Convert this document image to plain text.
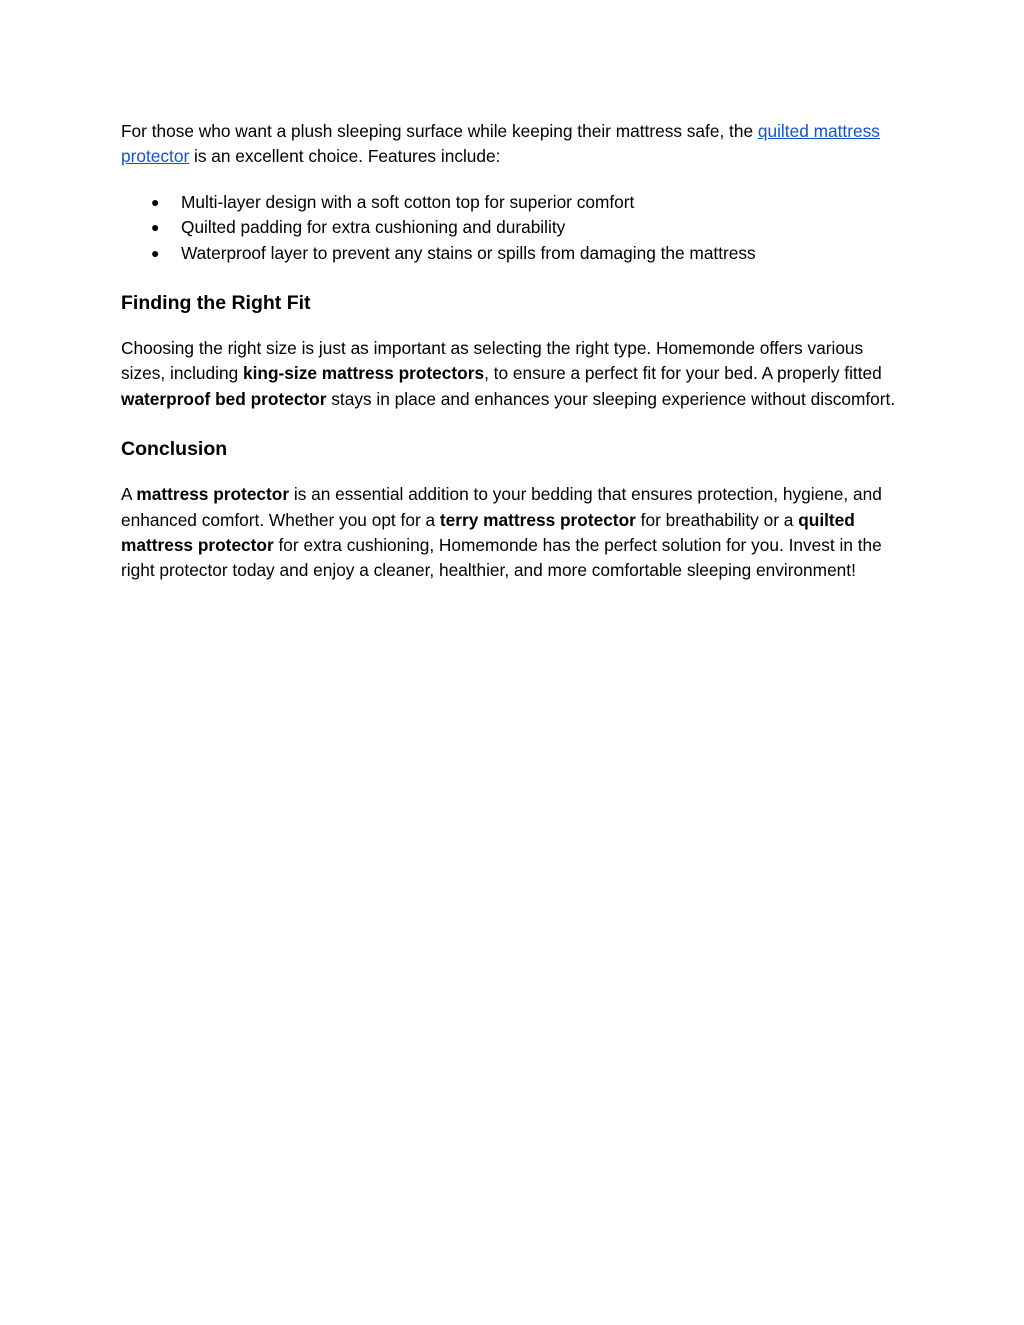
For those who want a plush sleeping surface while keeping their mattress safe, the quilted mattress protector is an excellent choice. Features include:

● Multi-layer design with a soft cotton top for superior comfort
● Quilted padding for extra cushioning and durability
● Waterproof layer to prevent any stains or spills from damaging the mattress
Finding the Right Fit

Choosing the right size is just as important as selecting the right type. Homemonde offers various sizes, including king-size mattress protectors, to ensure a perfect fit for your bed. A properly fitted waterproof bed protector stays in place and enhances your sleeping experience without discomfort.

Conclusion

A mattress protector is an essential addition to your bedding that ensures protection, hygiene, and enhanced comfort. Whether you opt for a terry mattress protector for breathability or a quilted mattress protector for extra cushioning, Homemonde has the perfect solution for you. Invest in the right protector today and enjoy a cleaner, healthier, and more comfortable sleeping environment!
